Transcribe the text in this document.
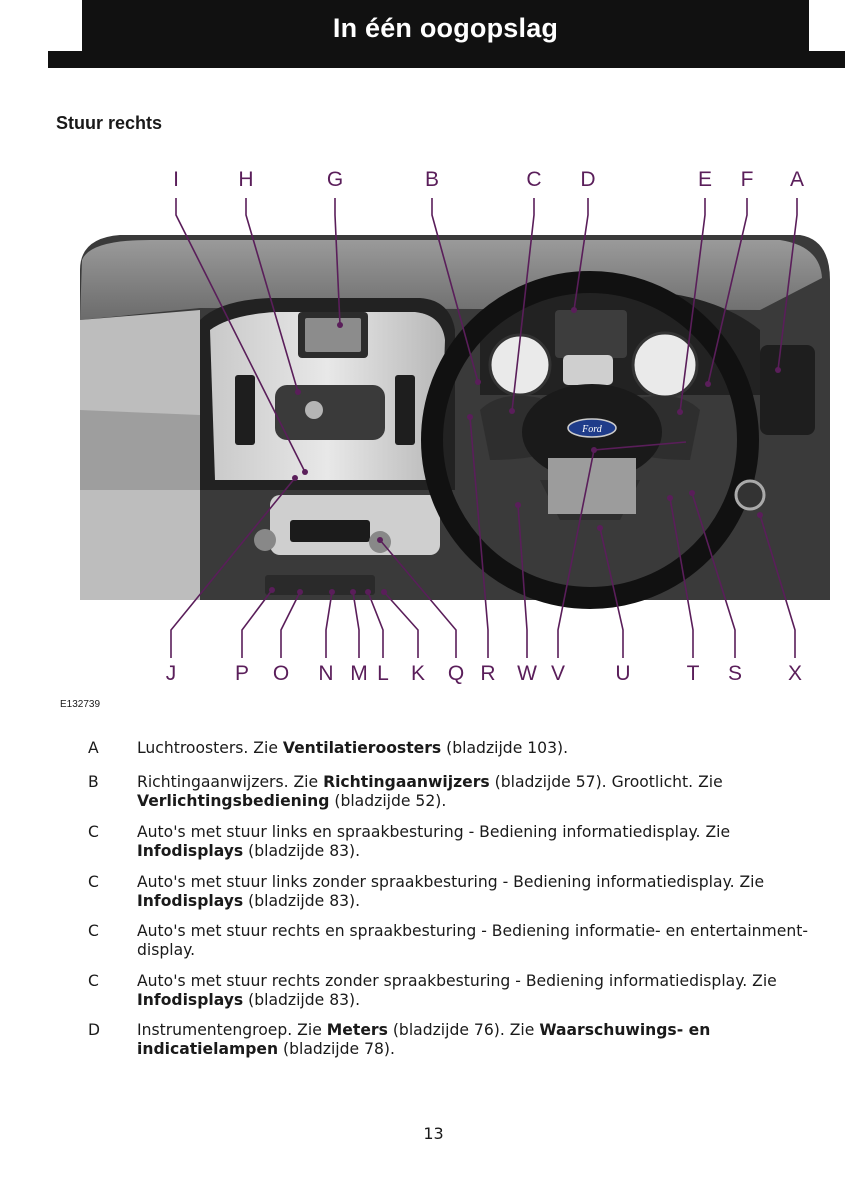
In één oogopslag
Stuur rechts
Ford
I	H	G	B	C D	E F A
J	P O N M L K Q R W V U	T S X
E132739
A	Luchtroosters. Zie Ventilatieroosters (bladzijde 103).
B	Richtingaanwijzers. Zie Richtingaanwijzers (bladzijde 57). Grootlicht. Zie Verlichtingsbediening (bladzijde 52).
C	Auto's met stuur links en spraakbesturing - Bediening informatiedisplay. Zie Infodisplays (bladzijde 83).
C	Auto's met stuur links zonder spraakbesturing - Bediening informatiedisplay. Zie Infodisplays (bladzijde 83).
C	Auto's met stuur rechts en spraakbesturing - Bediening informatie- en entertainment-display.
C	Auto's met stuur rechts zonder spraakbesturing - Bediening informatiedisplay. Zie Infodisplays (bladzijde 83).
D	Instrumentengroep. Zie Meters (bladzijde 76). Zie Waarschuwings- en indicatielampen (bladzijde 78).
13
